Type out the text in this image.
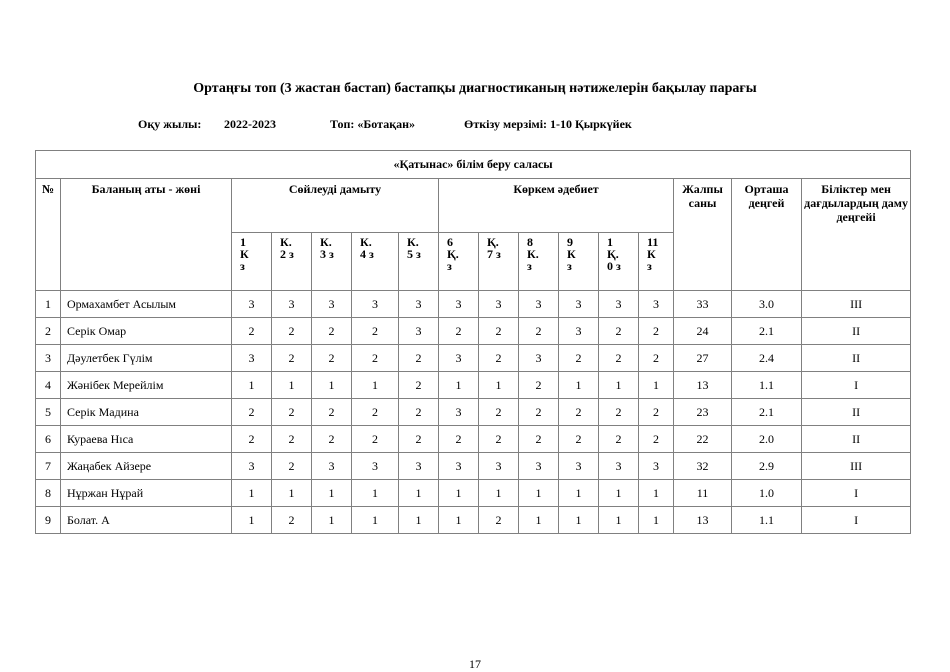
Ортаңғы топ (3 жастан бастап) бастапқы диагностиканың нәтижелерін бақылау парағы
Оқу жылы: 2022-2023	Топ: «Ботақан»	Өткізу мерзімі: 1-10 Қыркүйек
«Қатынас» білім беру саласы															
№	Баланың аты - жөні	Сөйлеуді дамыту					Көркем әдебиет						Жалпы саны	Орташа деңгей	Біліктер мен дағдылардың даму деңгейі

		1 К з	К. 2 з	К. 3 з	К. 4 з	К. 5 з	6 Қ. з	Қ. 7 з	8 К. з	9 К з	1 Қ. 0 з	11 К з			

1	Ормахамбет Асылым	3	3	3	3	3	3	3	3	3	3	3	33	3.0	III
2	Серік Омар	2	2	2	2	3	2	2	2	3	2	2	24	2.1	II
3	Дәулетбек Гүлім	3	2	2	2	2	3	2	3	2	2	2	27	2.4	II
4	Жәнібек Мерейлім	1	1	1	1	2	1	1	2	1	1	1	13	1.1	I
5	Серік Мадина	2	2	2	2	2	3	2	2	2	2	2	23	2.1	II
6	Кураева Нıса	2	2	2	2	2	2	2	2	2	2	2	22	2.0	II
7	Жаңабек Айзере	3	2	3	3	3	3	3	3	3	3	3	32	2.9	III
8	Нұржан Нұрай	1	1	1	1	1	1	1	1	1	1	1	11	1.0	I
9	Болат. А	1	2	1	1	1	1	2	1	1	1	1	13	1.1	I
17
